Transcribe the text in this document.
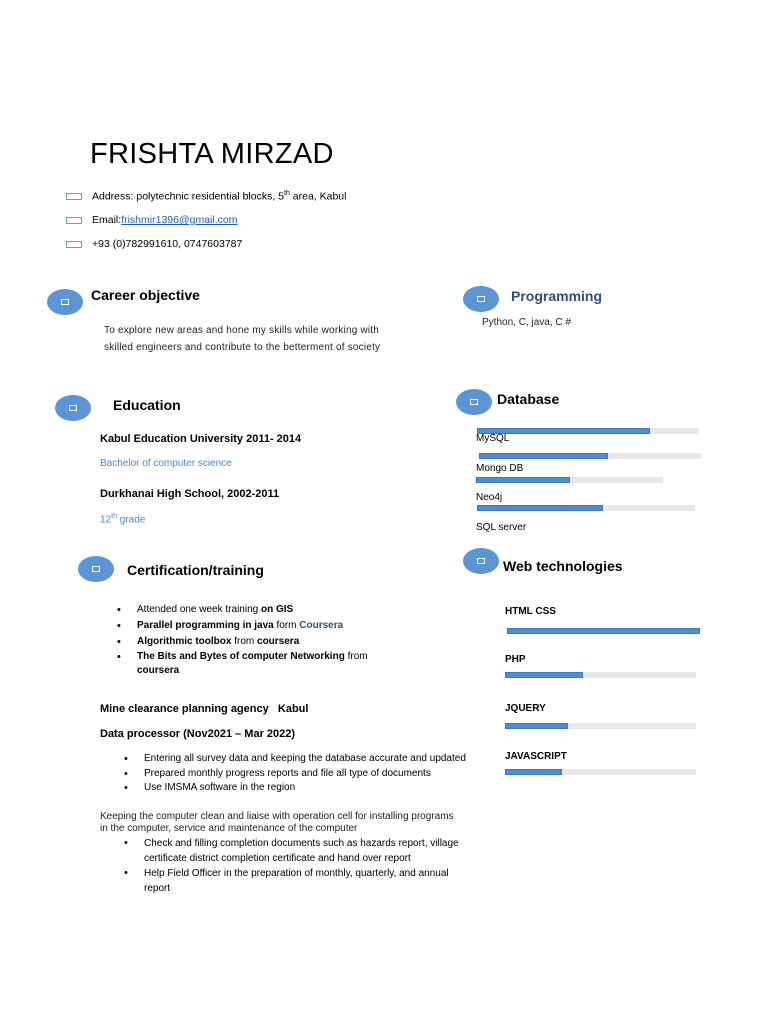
FRISHTA MIRZAD
Address: polytechnic residential blocks, 5th area, Kabul
Email: frishmir1396@gmail.com
+93 (0)782991610, 0747603787
Career objective
To explore new areas and hone my skills while working with
skilled engineers and contribute to the betterment of society
Programming
Python, C, java, C #
Education
Kabul Education University 2011- 2014
Bachelor of computer science
Durkhanai High School, 2002-2011
12th grade
Database
MySQL
Mongo DB
Neo4j
SQL server
Certification/training
• Attended one week training on GIS
• Parallel programming in java form Coursera
• Algorithmic toolbox from coursera
• The Bits and Bytes of computer Networking from
coursera
Web technologies
HTML CSS
PHP
JQUERY
JAVASCRIPT
Mine clearance planning agency   Kabul
Data processor (Nov2021 – Mar 2022)
• Entering all survey data and keeping the database accurate and updated
• Prepared monthly progress reports and file all type of documents
• Use IMSMA software in the region
Keeping the computer clean and liaise with operation cell for installing programs
in the computer, service and maintenance of the computer
• Check and filling completion documents such as hazards report, village
certificate district completion certificate and hand over report
• Help Field Officer in the preparation of monthly, quarterly, and annual
report
